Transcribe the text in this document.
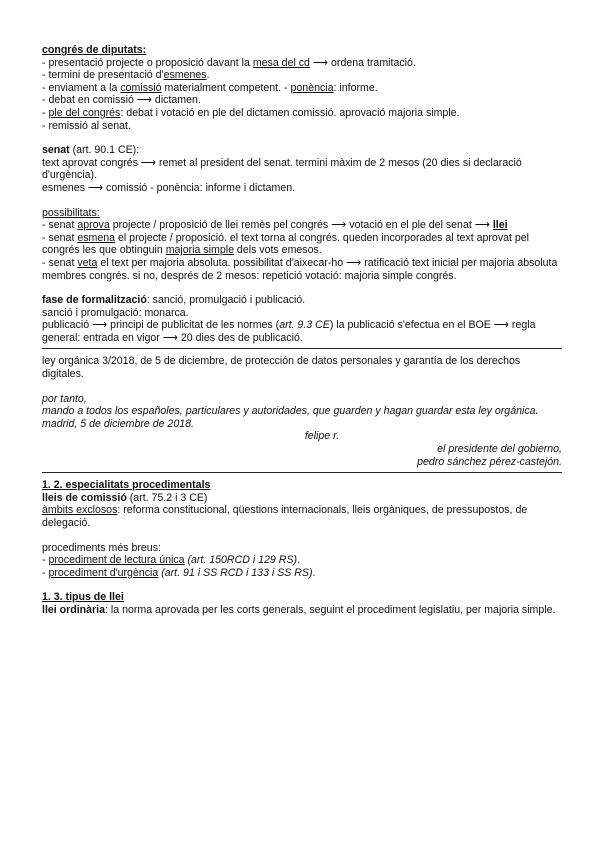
congrés de diputats:
- presentació projecte o proposició davant la mesa del cd ⟶ ordena tramitació.
- termini de presentació d'esmenes.
- enviament a la comissió materialment competent. - ponència: informe.
- debat en comissió ⟶ dictamen.
- ple del congrés: debat i votació en ple del dictamen comissió. aprovació majoria simple.
- remissió al senat.
senat (art. 90.1 CE):
text aprovat congrés ⟶ remet al president del senat. termini màxim de 2 mesos (20 dies si declaració d'urgència).
esmenes ⟶ comissió - ponència: informe i dictamen.
possibilitats:
- senat aprova projecte / proposició de llei remès pel congrés ⟶ votació en el ple del senat ⟶ llei
- senat esmena el projecte / proposició. el text torna al congrés. queden incorporades al text aprovat pel congrés les que obtinguin majoria simple dels vots emesos.
- senat veta el text per majoria absoluta. possibilitat d'aixecar-ho ⟶ ratificació text inicial per majoria absoluta membres congrés. si no, després de 2 mesos: repetició votació: majoria simple congrés.
fase de formalització: sanció, promulgació i publicació.
sanció i promulgació: monarca.
publicació ⟶ principi de publicitat de les normes (art. 9.3 CE) la publicació s'efectua en el BOE ⟶ regla general: entrada en vigor ⟶ 20 dies des de publicació.
ley orgánica 3/2018, de 5 de diciembre, de protección de datos personales y garantía de los derechos digitales.
por tanto,
mando a todos los españoles, particulares y autoridades, que guarden y hagan guardar esta ley orgánica.
madrid, 5 de diciembre de 2018.
felipe r.
el presidente del gobierno,
pedro sánchez pérez-castejón.
1. 2. especialitats procedimentals
lleis de comissió (art. 75.2 i 3 CE)
àmbits exclosos: reforma constitucional, qüestions internacionals, lleis orgàniques, de pressupostos, de delegació.
procediments més breus:
- procediment de lectura única (art. 150RCD i 129 RS).
- procediment d'urgència (art. 91 i SS RCD i 133 i SS RS).
1. 3. tipus de llei
llei ordinària: la norma aprovada per les corts generals, seguint el procediment legislatiu, per majoria simple.
